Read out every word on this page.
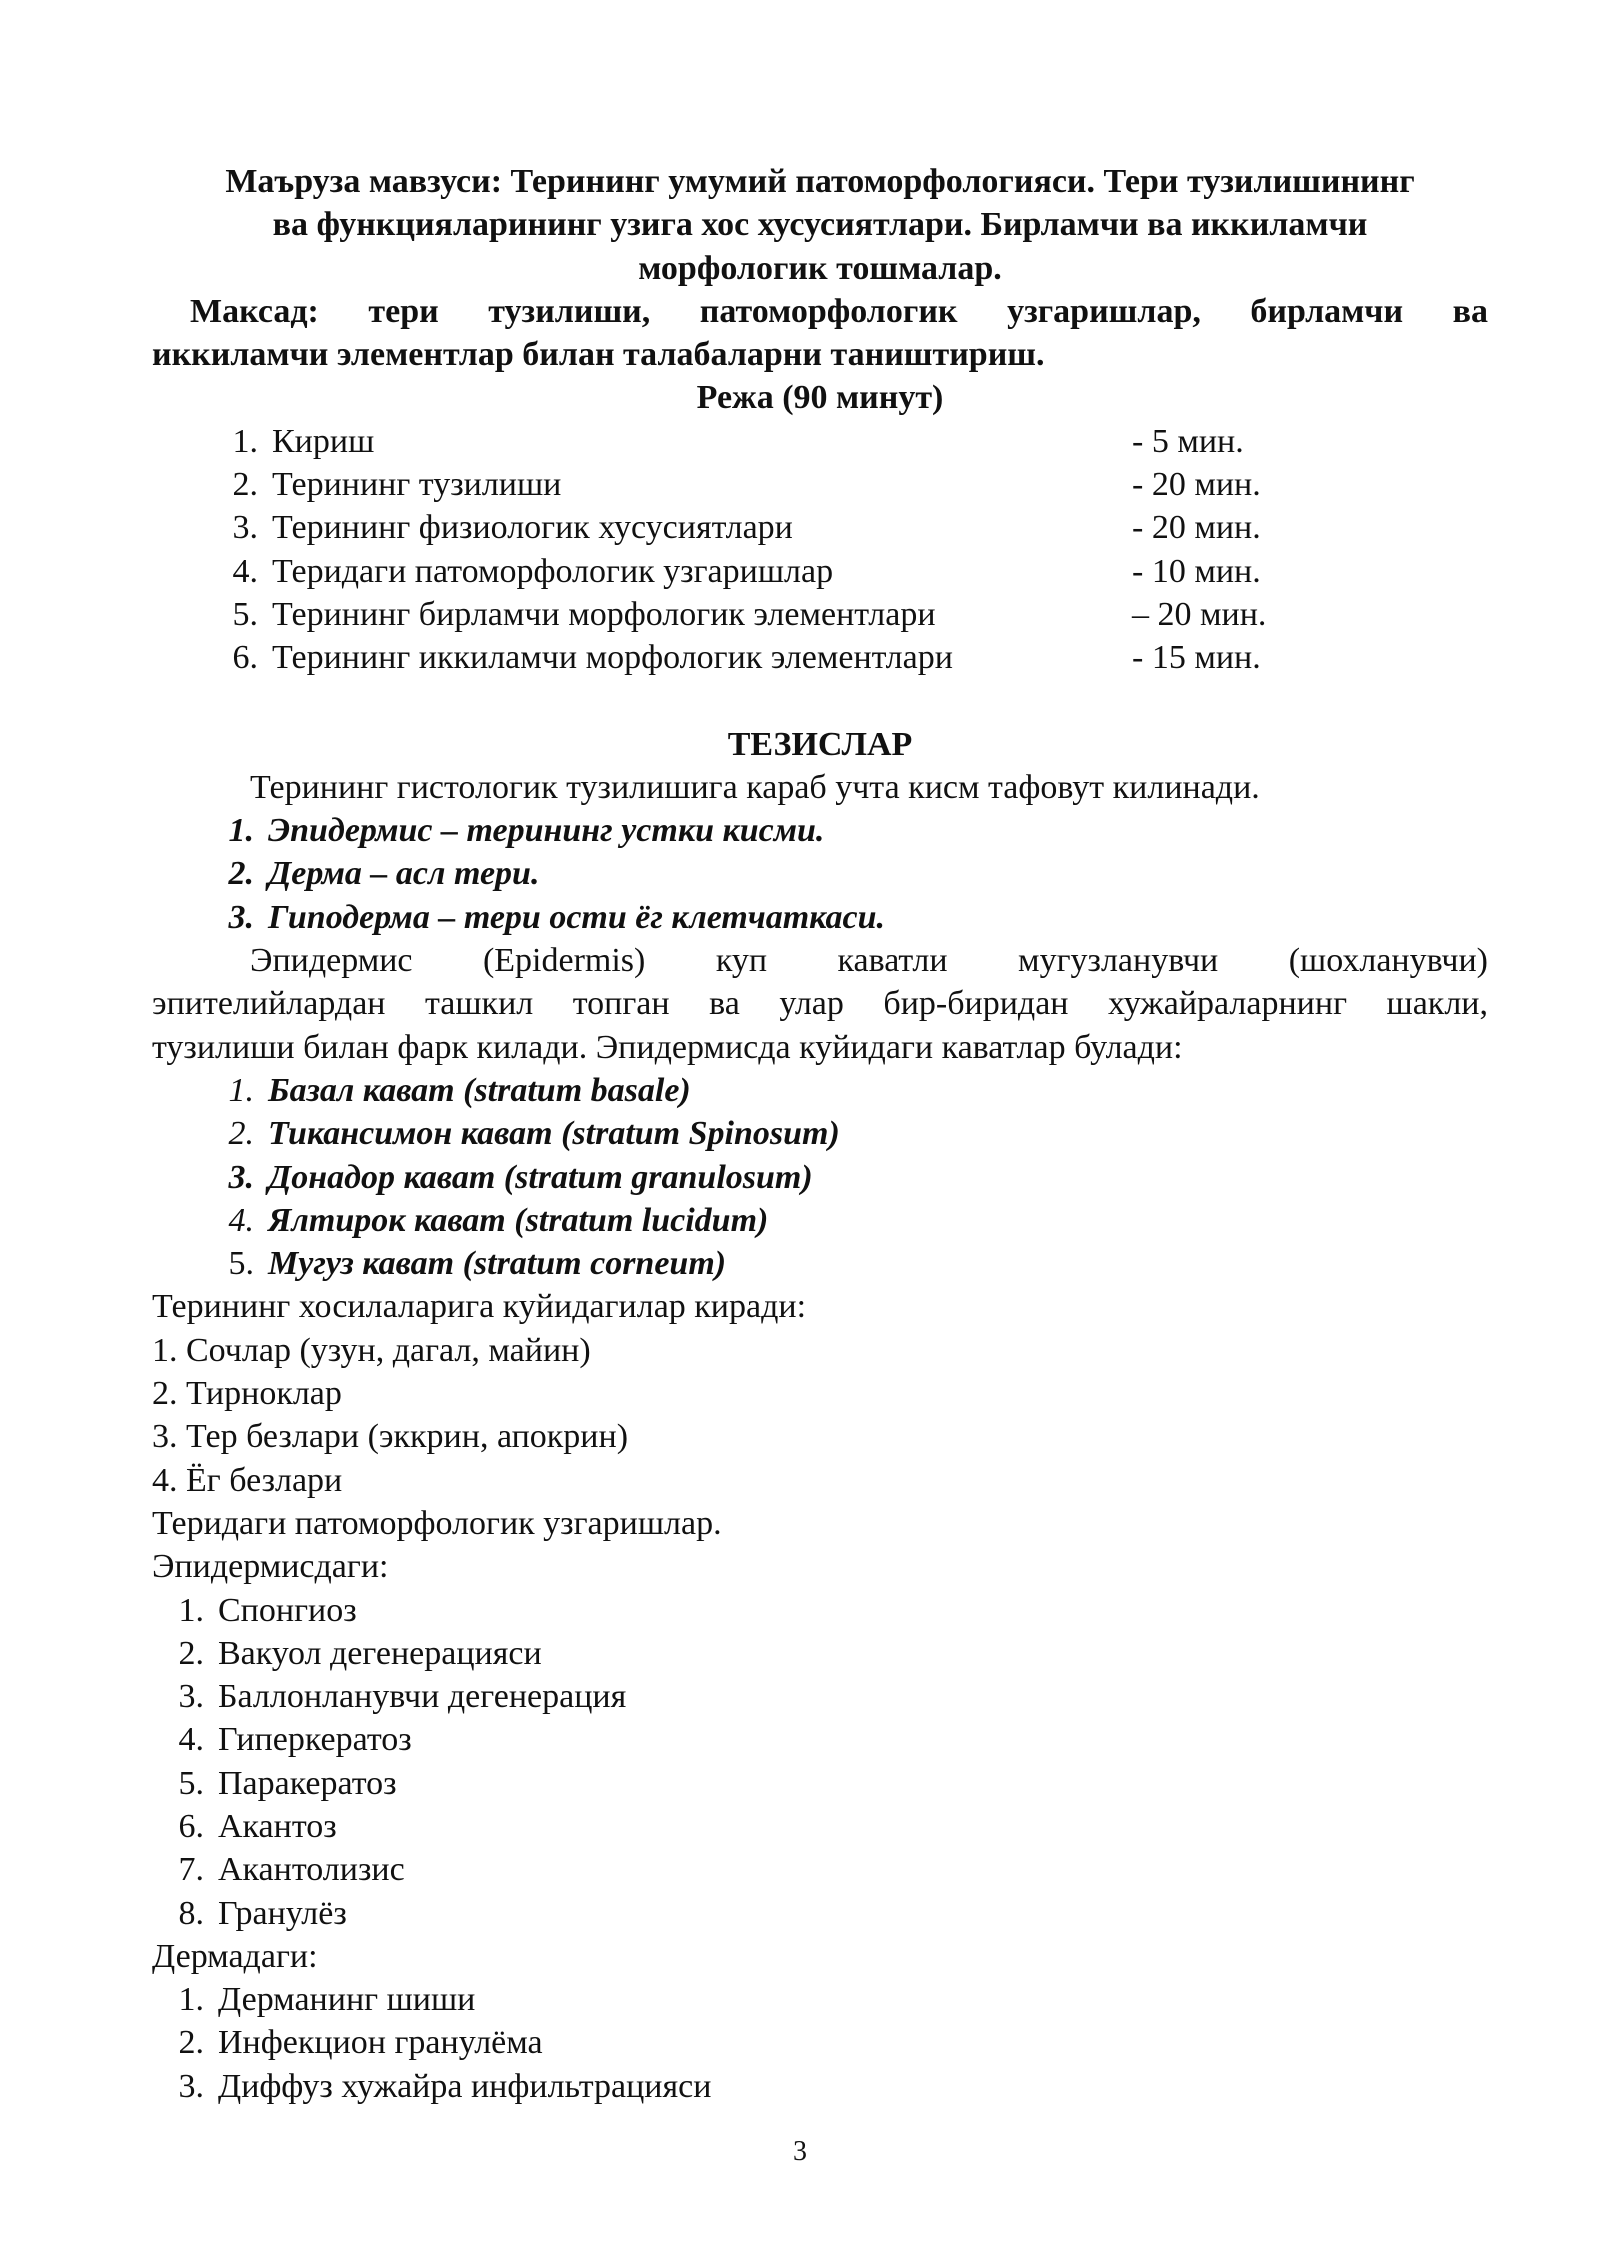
Маъруза мавзуси: Терининг умумий патоморфологияси. Тери тузилишининг
ва функцияларининг узига хос хусусиятлари. Бирламчи ва иккиламчи
морфологик тошмалар.
Максад: тери тузилиши, патоморфологик узгаришлар, бирламчи ва
иккиламчи элементлар билан талабаларни таништириш.
Режа (90 минут)
1. Кириш	- 5 мин.
2. Терининг тузилиши	- 20 мин.
3. Терининг физиологик хусусиятлари	- 20 мин.
4. Теридаги патоморфологик узгаришлар	- 10 мин.
5. Терининг бирламчи морфологик элементлари	– 20 мин.
6. Терининг иккиламчи морфологик элементлари	- 15 мин.
ТЕЗИСЛАР

Терининг гистологик тузилишига караб учта кисм тафовут килинади.

1. Эпидермис – терининг устки кисми.
2. Дерма – асл тери.
3. Гиподерма – тери ости ёг клетчаткаси.
Эпидермис (Epidermis) куп каватли мугузланувчи (шохланувчи)
эпителийлардан ташкил топган ва улар бир-биридан хужайраларнинг шакли,
тузилиши билан фарк килади. Эпидермисда куйидаги каватлар булади:
1. Базал кават (stratum basale)
2. Тикансимон кават (stratum Spinosum)
3. Донадор кават (stratum granulosum)
4. Ялтирок кават (stratum lucidum)
5. Мугуз кават (stratum corneum)

Терининг хосилаларига куйидагилар киради:

1. Сочлар (узун, дагал, майин)

2. Тирноклар

3. Тер безлари (эккрин, апокрин)

4. Ёг безлари

Теридаги патоморфологик узгаришлар.

Эпидермисдаги:

1. Спонгиоз
2. Вакуол дегенерацияси
3. Баллонланувчи дегенерация
4. Гиперкератоз
5. Паракератоз
6. Акантоз
7. Акантолизис
8. Гранулёз

Дермадаги:

1. Дерманинг шиши
2. Инфекцион гранулёма
3. Диффуз хужайра инфильтрацияси
3
